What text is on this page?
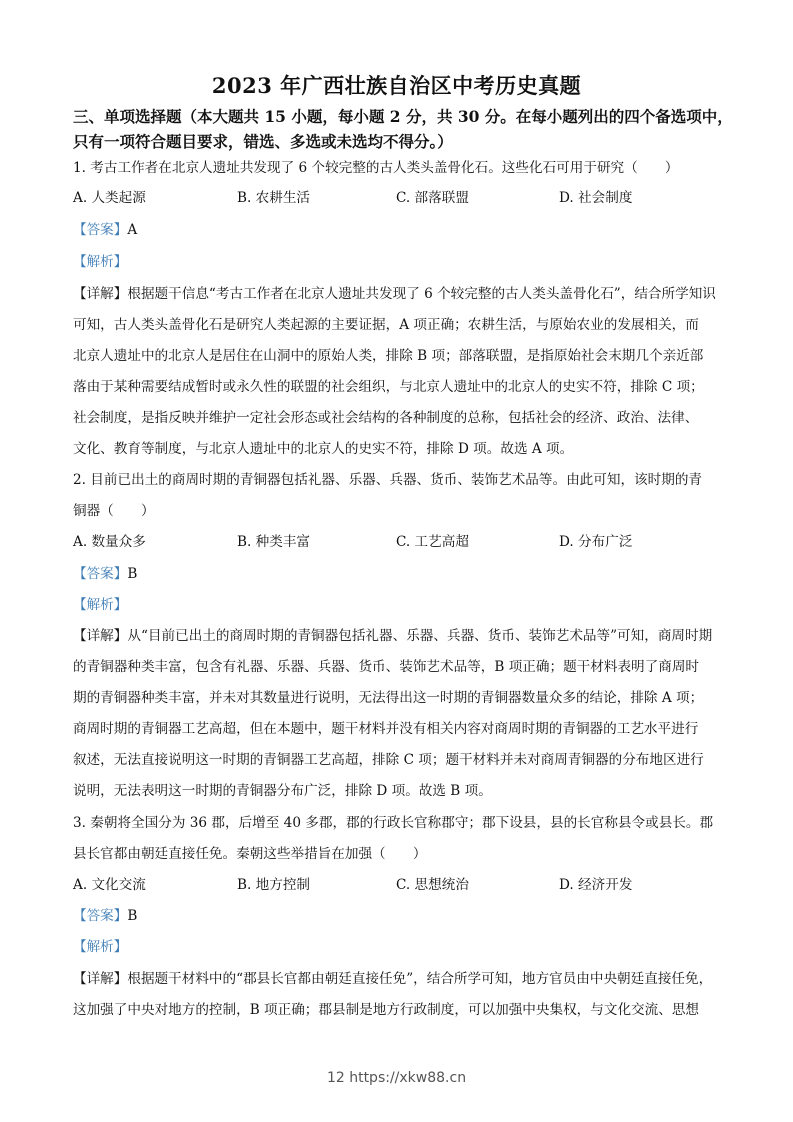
2023 年广西壮族自治区中考历史真题
三、单项选择题（本大题共 15 小题，每小题 2 分，共 30 分。在每小题列出的四个备选项中，
只有一项符合题目要求，错选、多选或未选均不得分。）
1. 考古工作者在北京人遗址共发现了 6 个较完整的古人类头盖骨化石。这些化石可用于研究（　　）
A. 人类起源	B. 农耕生活	C. 部落联盟	D. 社会制度
【答案】A
【解析】
【详解】根据题干信息“考古工作者在北京人遗址共发现了 6 个较完整的古人类头盖骨化石”，结合所学知识
可知，古人类头盖骨化石是研究人类起源的主要证据，A 项正确；农耕生活，与原始农业的发展相关，而
北京人遗址中的北京人是居住在山洞中的原始人类，排除 B 项；部落联盟，是指原始社会末期几个亲近部
落由于某种需要结成暂时或永久性的联盟的社会组织，与北京人遗址中的北京人的史实不符，排除 C 项；
社会制度，是指反映并维护一定社会形态或社会结构的各种制度的总称，包括社会的经济、政治、法律、
文化、教育等制度，与北京人遗址中的北京人的史实不符，排除 D 项。故选 A 项。
2. 目前已出土的商周时期的青铜器包括礼器、乐器、兵器、货币、装饰艺术品等。由此可知，该时期的青
铜器（　　）
A. 数量众多	B. 种类丰富	C. 工艺高超	D. 分布广泛
【答案】B
【解析】
【详解】从“目前已出土的商周时期的青铜器包括礼器、乐器、兵器、货币、装饰艺术品等”可知，商周时期
的青铜器种类丰富，包含有礼器、乐器、兵器、货币、装饰艺术品等，B 项正确；题干材料表明了商周时
期的青铜器种类丰富，并未对其数量进行说明，无法得出这一时期的青铜器数量众多的结论，排除 A 项；
商周时期的青铜器工艺高超，但在本题中，题干材料并没有相关内容对商周时期的青铜器的工艺水平进行
叙述，无法直接说明这一时期的青铜器工艺高超，排除 C 项；题干材料并未对商周青铜器的分布地区进行
说明，无法表明这一时期的青铜器分布广泛，排除 D 项。故选 B 项。
3. 秦朝将全国分为 36 郡，后增至 40 多郡，郡的行政长官称郡守；郡下设县，县的长官称县令或县长。郡
县长官都由朝廷直接任免。秦朝这些举措旨在加强（　　）
A. 文化交流	B. 地方控制	C. 思想统治	D. 经济开发
【答案】B
【解析】
【详解】根据题干材料中的“郡县长官都由朝廷直接任免”，结合所学可知，地方官员由中央朝廷直接任免，
这加强了中央对地方的控制，B 项正确；郡县制是地方行政制度，可以加强中央集权，与文化交流、思想
12 https://xkw88.cn
